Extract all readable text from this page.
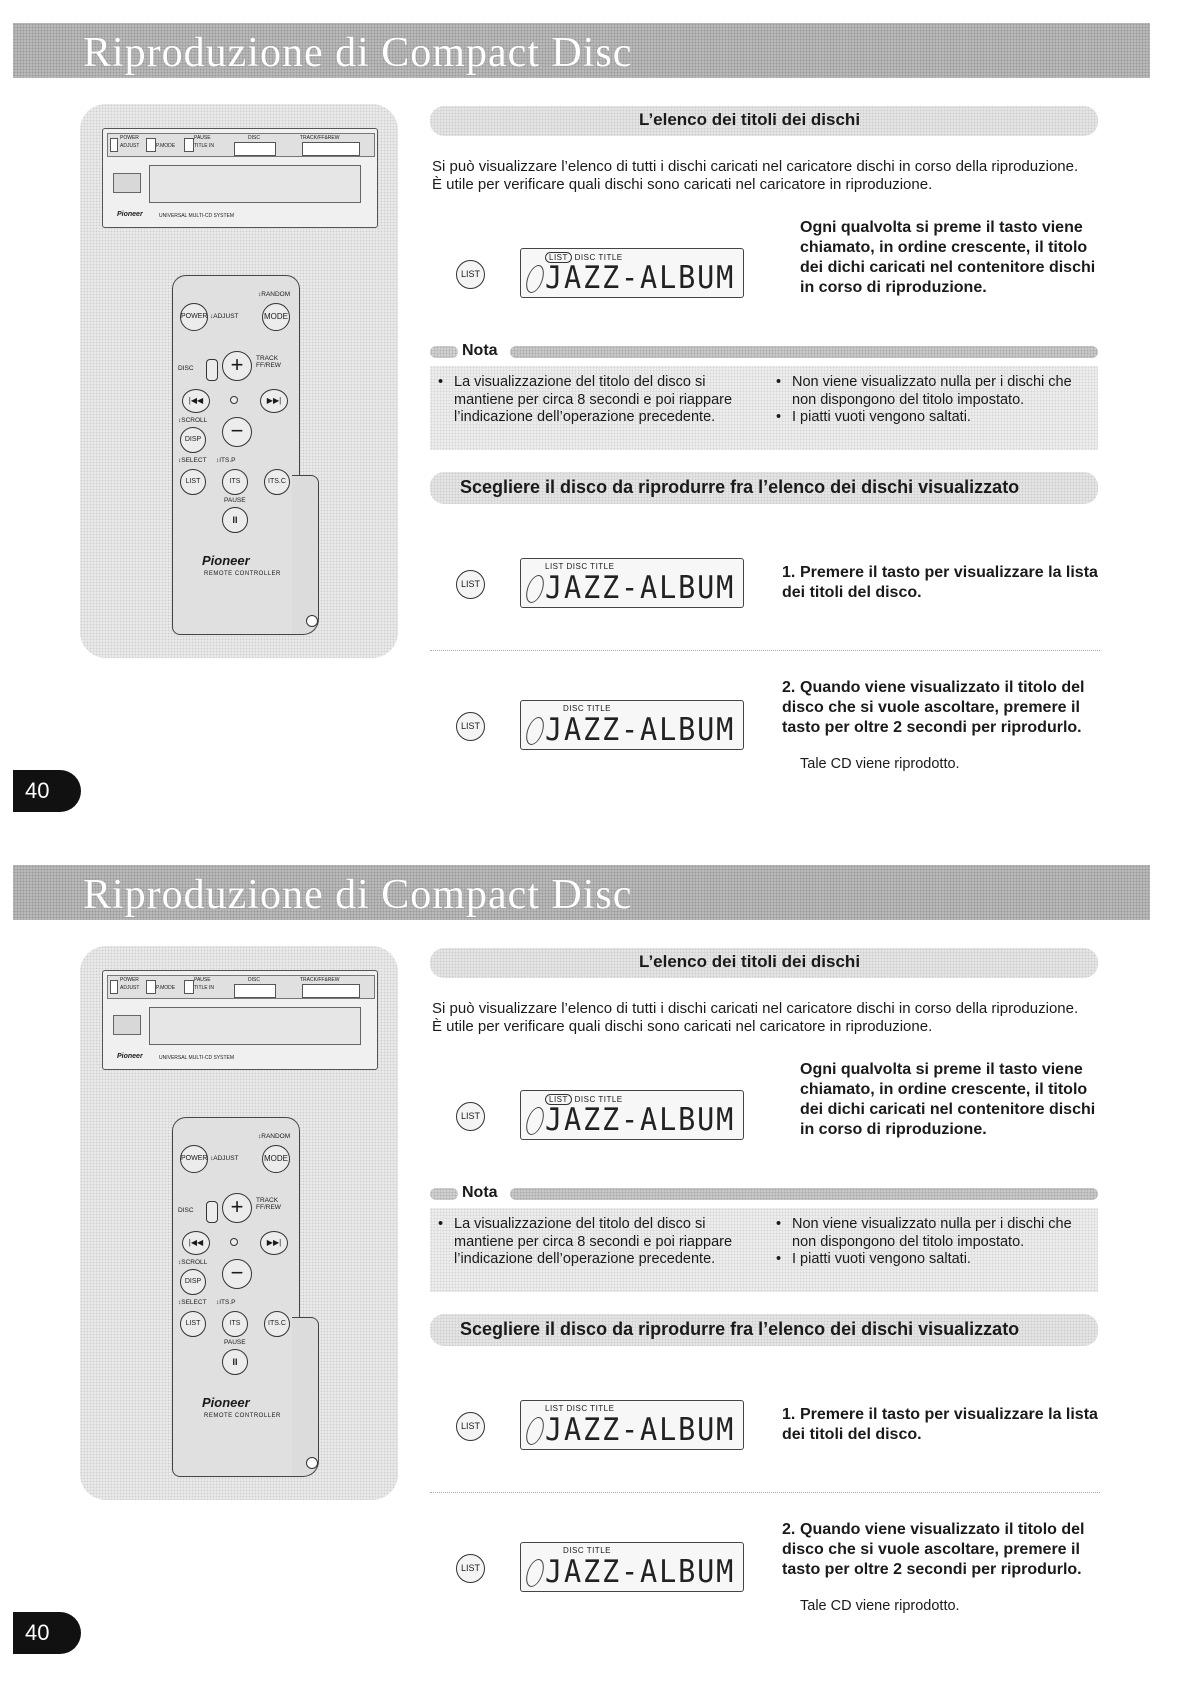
Riproduzione di Compact Disc
POWER
ADJUST	P.MODE
PAUSE
TITLE IN
DISC	TRACK/FF&REW
Pioneer	UNIVERSAL MULTI-CD SYSTEM
↕RANDOM
POWER ↕ADJUST	MODE
DISC	+	TRACK FF/REW
|◀◀	▶▶|
↕SCROLL	−
DISP
↕SELECT ↕ITS.P
LIST	ITS	ITS.C
PAUSE
II
Pioneer
REMOTE CONTROLLER
L’elenco dei titoli dei dischi
Si può visualizzare l’elenco di tutti i dischi caricati nel caricatore dischi in corso della riproduzione. È utile per verificare quali dischi sono caricati nel caricatore in riproduzione.
LIST
LIST DISC TITLE
JAZZ-ALBUM
Ogni qualvolta si preme il tasto viene chiamato, in ordine crescente, il titolo dei dichi caricati nel contenitore dischi in corso di riproduzione.
Nota
• La visualizzazione del titolo del disco si mantiene per circa 8 secondi e poi riappare l’indicazione dell’operazione precedente.
• Non viene visualizzato nulla per i dischi che non dispongono del titolo impostato.
• I piatti vuoti vengono saltati.
Scegliere il disco da riprodurre fra l’elenco dei dischi visualizzato
LIST
LIST DISC TITLE
JAZZ-ALBUM	1. Premere il tasto per visualizzare la lista dei titoli del disco.
LIST
DISC TITLE
JAZZ-ALBUM
2. Quando viene visualizzato il titolo del disco che si vuole ascoltare, premere il tasto per oltre 2 secondi per riprodurlo.
Tale CD viene riprodotto.
40
Riproduzione di Compact Disc
POWER
ADJUST	P.MODE
PAUSE
TITLE IN
DISC	TRACK/FF&REW
Pioneer	UNIVERSAL MULTI-CD SYSTEM
↕RANDOM
POWER ↕ADJUST	MODE
DISC	+	TRACK FF/REW
|◀◀	▶▶|
↕SCROLL	−
DISP
↕SELECT ↕ITS.P
LIST	ITS	ITS.C
PAUSE
II
Pioneer
REMOTE CONTROLLER
L’elenco dei titoli dei dischi
Si può visualizzare l’elenco di tutti i dischi caricati nel caricatore dischi in corso della riproduzione. È utile per verificare quali dischi sono caricati nel caricatore in riproduzione.
LIST
LIST DISC TITLE
JAZZ-ALBUM
Ogni qualvolta si preme il tasto viene chiamato, in ordine crescente, il titolo dei dichi caricati nel contenitore dischi in corso di riproduzione.
Nota
• La visualizzazione del titolo del disco si mantiene per circa 8 secondi e poi riappare l’indicazione dell’operazione precedente.
• Non viene visualizzato nulla per i dischi che non dispongono del titolo impostato.
• I piatti vuoti vengono saltati.
Scegliere il disco da riprodurre fra l’elenco dei dischi visualizzato
LIST
LIST DISC TITLE
JAZZ-ALBUM	1. Premere il tasto per visualizzare la lista dei titoli del disco.
LIST
DISC TITLE
JAZZ-ALBUM
2. Quando viene visualizzato il titolo del disco che si vuole ascoltare, premere il tasto per oltre 2 secondi per riprodurlo.
Tale CD viene riprodotto.
40
